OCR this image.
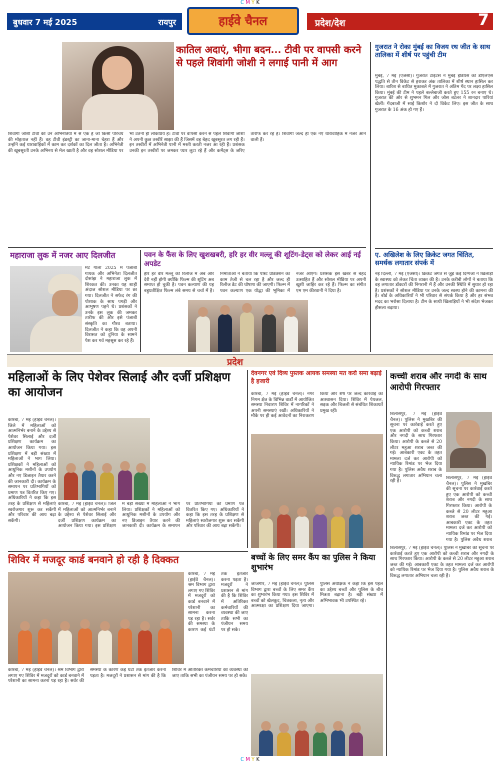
C M Y K
बुधवार 7 मई 2025	रायपुर	हाईवे चैनल	प्रदेश/देश	7
कातिल अदाएं, भीगा बदन... टीवी पर वापसी करने से पहले शिवांगी जोशी ने लगाई पानी में आग
शिवांगी जोशी टीवी की उन अभिनेत्रियों में से एक हैं जो किसी परिचय की मोहताज नहीं हैं। वह टीवी इंडस्ट्री का जाना-माना चेहरा हैं और उन्होंने कई धारावाहिकों में काम कर दर्शकों का दिल जीता है। अभिनेत्री की खूबसूरती उनके अभिनय से मेल खाती है और वह सोशल मीडिया पर भी उतनी ही लोकप्रिय हैं। टीवी पर वापसी करने से पहले शिवांगी जोशी ने अपनी कुछ तस्वीरें साझा की हैं जिसमें वह बेहद खूबसूरत लग रही हैं। इन तस्वीरों में अभिनेत्री पानी में मस्ती करती नजर आ रही हैं। प्रशंसक उनकी इन तस्वीरों पर जमकर प्यार लुटा रहे हैं और कमेंट्स के जरिए तारीफ कर रहे हैं। शिवांगी जल्द ही एक नए धारावाहिक में नजर आने वाली हैं।
गुजरात ने रोका मुंबई का विजय रथ जीत के साथ तालिका में शीर्ष पर पहुंची टीम
मुंबई, 7 मई (एजेंसी)। गुजरात टाइटंस ने मुंबई इंडियंस को डीएलएस पद्धति से तीन विकेट से हराकर अंक तालिका में शीर्ष स्थान हासिल कर लिया। बारिश से बाधित मुकाबले में गुजरात ने अंतिम गेंद पर लक्ष्य हासिल किया। मुंबई की टीम ने पहले बल्लेबाजी करते हुए 155 रन बनाए थे। गुजरात की ओर से शुभमन गिल और जोस बटलर ने शानदार पारियां खेलीं। गेंदबाजी में साई किशोर ने दो विकेट लिए। इस जीत के साथ गुजरात के 16 अंक हो गए हैं।
ए. अखिलेश के लिए क्रिकेट जगत चिंतित, समर्थक लगातार संपर्क में
नई दिल्ली, 7 मई (एजेंसी)। क्रिकेट जगत से जुड़े कई दिग्गजों ने खिलाड़ी के स्वास्थ्य को लेकर चिंता व्यक्त की है। उनके करीबी लोगों ने बताया कि वह लगातार डॉक्टरों की निगरानी में हैं और उनकी स्थिति में सुधार हो रहा है। प्रशंसकों ने सोशल मीडिया पर उनके जल्द स्वस्थ होने की कामना की है। बोर्ड के अधिकारियों ने भी परिवार से संपर्क किया है और हर संभव मदद का भरोसा दिलाया है। टीम के साथी खिलाड़ियों ने भी संदेश भेजकर हौसला बढ़ाया।
महाराजा लुक में नजर आए दिलजीत
मेट गाला 2025 में पंजाबी गायक और अभिनेता दिलजीत दोसांझ ने महाराजा लुक में शिरकत की। उनका यह शाही अंदाज सोशल मीडिया पर छा गया। दिलजीत ने सफेद रंग की पोशाक के साथ पगड़ी और आभूषण पहने थे। प्रशंसकों ने उनके इस लुक की जमकर तारीफ की और इसे पंजाबी संस्कृति का गौरव बताया। दिलजीत ने कहा कि वह अपनी विरासत को दुनिया के सामने पेश कर गर्व महसूस कर रहे हैं।
पवन के फैंस के लिए खुशखबरी, हरि हर वीर मल्लू की शूटिंग-डेट्स को लेकर आई नई अपडेट
हरि हर वीर मल्लू की रिलीज में अब और देरी नहीं होगी क्योंकि फिल्म की शूटिंग अब समाप्त हो चुकी है। पवन कल्याण की यह बहुप्रतीक्षित फिल्म लंबे समय से चर्चा में है। निर्माताओं ने बताया कि पोस्ट प्रोडक्शन का काम तेजी से चल रहा है और जल्द ही रिलीज डेट की घोषणा की जाएगी। फिल्म में पवन कल्याण एक योद्धा की भूमिका में नजर आएंगे। प्रशंसक इस खबर से बेहद उत्साहित हैं और सोशल मीडिया पर अपनी खुशी जाहिर कर रहे हैं। फिल्म का संगीत एम एम कीरवानी ने दिया है।
प्रदेश
महिलाओं के लिए पेशेवर सिलाई और दर्जी प्रशिक्षण का आयोजन
कोरबा, 7 मई (हाईवे चैनल)। जिले में महिलाओं को आत्मनिर्भर बनाने के उद्देश्य से पेशेवर सिलाई और दर्जी प्रशिक्षण कार्यक्रम का आयोजन किया गया। इस प्रशिक्षण में बड़ी संख्या में महिलाओं ने भाग लिया। प्रशिक्षकों ने महिलाओं को आधुनिक मशीनों के उपयोग और नए डिजाइन तैयार करने की जानकारी दी। कार्यक्रम के समापन पर प्रतिभागियों को प्रमाण पत्र वितरित किए गए। अधिकारियों ने कहा कि इस तरह के प्रशिक्षण से महिलाएं स्वरोजगार शुरू कर सकेंगी और परिवार की आय बढ़ा सकेंगी।
कोरबा, 7 मई (हाईवे चैनल)। जिले में महिलाओं को आत्मनिर्भर बनाने के उद्देश्य से पेशेवर सिलाई और दर्जी प्रशिक्षण कार्यक्रम का आयोजन किया गया। इस प्रशिक्षण में बड़ी संख्या में महिलाओं ने भाग लिया। प्रशिक्षकों ने महिलाओं को आधुनिक मशीनों के उपयोग और नए डिजाइन तैयार करने की जानकारी दी। कार्यक्रम के समापन पर प्रतिभागियों को प्रमाण पत्र वितरित किए गए। अधिकारियों ने कहा कि इस तरह के प्रशिक्षण से महिलाएं स्वरोजगार शुरू कर सकेंगी और परिवार की आय बढ़ा सकेंगी।
देवनगर एवं दिव्य पुस्तक आयक समस्या मत करो समा बढ़ाई है हजारी
कोरबा, 7 मई (हाईवे चैनल)। नगर निगम क्षेत्र के विभिन्न वार्डों में आयोजित समस्या निवारण शिविर में नागरिकों ने अपनी समस्याएं रखीं। अधिकारियों ने मौके पर ही कई आवेदनों का निराकरण किया और शेष पर जल्द कार्रवाई का आश्वासन दिया। शिविर में पेयजल, सड़क और बिजली से संबंधित शिकायतें प्रमुख रहीं।
कच्ची शराब और नगदी के साथ आरोपी गिरफ्तार
बिलासपुर, 7 मई (हाईवे चैनल)। पुलिस ने मुखबिर की सूचना पर कार्रवाई करते हुए एक आरोपी को कच्ची शराब और नगदी के साथ गिरफ्तार किया। आरोपी के कब्जे से 20 लीटर महुआ शराब जब्त की गई। आबकारी एक्ट के तहत मामला दर्ज कर आरोपी को न्यायिक रिमांड पर भेज दिया गया है। पुलिस अवैध शराब के विरुद्ध लगातार अभियान चला रही है।
बिलासपुर, 7 मई (हाईवे चैनल)। पुलिस ने मुखबिर की सूचना पर कार्रवाई करते हुए एक आरोपी को कच्ची शराब और नगदी के साथ गिरफ्तार किया। आरोपी के कब्जे से 20 लीटर महुआ शराब जब्त की गई। आबकारी एक्ट के तहत मामला दर्ज कर आरोपी को न्यायिक रिमांड पर भेज दिया गया है। पुलिस अवैध शराब
बिलासपुर, 7 मई (हाईवे चैनल)। पुलिस ने मुखबिर की सूचना पर कार्रवाई करते हुए एक आरोपी को कच्ची शराब और नगदी के साथ गिरफ्तार किया। आरोपी के कब्जे से 20 लीटर महुआ शराब जब्त की गई। आबकारी एक्ट के तहत मामला दर्ज कर आरोपी को न्यायिक रिमांड पर भेज दिया गया है। पुलिस अवैध शराब के विरुद्ध लगातार अभियान चला रही है।
शिविर में मजदूर कार्ड बनवाने हो रही है दिक्कत
कोरबा, 7 मई (हाईवे चैनल)। श्रम विभाग द्वारा लगाए गए शिविर में मजदूरों को कार्ड बनवाने में परेशानी का सामना करना पड़ रहा है। सर्वर की समस्या के कारण कई घंटों तक इंतजार करना पड़ता है। मजदूरों ने प्रशासन से मांग की है कि शिविर में अतिरिक्त कर्मचारियों की व्यवस्था की जाए ताकि सभी का पंजीयन समय पर हो सके।
कोरबा, 7 मई (हाईवे चैनल)। श्रम विभाग द्वारा लगाए गए शिविर में मजदूरों को कार्ड बनवाने में परेशानी का सामना करना पड़ रहा है। सर्वर की समस्या के कारण कई घंटों तक इंतजार करना पड़ता है। मजदूरों ने प्रशासन से मांग की है कि शिविर में अतिरिक्त कर्मचारियों की व्यवस्था की जाए ताकि सभी का पंजीयन समय पर हो सके।
बच्चों के लिए समर कैंप का पुलिस ने किया शुभारंभ
जांजगीर, 7 मई (हाईवे चैनल)। पुलिस विभाग द्वारा बच्चों के लिए समर कैंप का शुभारंभ किया गया। इस शिविर में बच्चों को खेलकूद, चित्रकला, नृत्य और आत्मरक्षा का प्रशिक्षण दिया जाएगा। पुलिस अधीक्षक ने कहा कि इस पहल का उद्देश्य बच्चों और पुलिस के बीच मित्रता बढ़ाना है। बड़ी संख्या में अभिभावक भी उपस्थित रहे।
C M Y K
